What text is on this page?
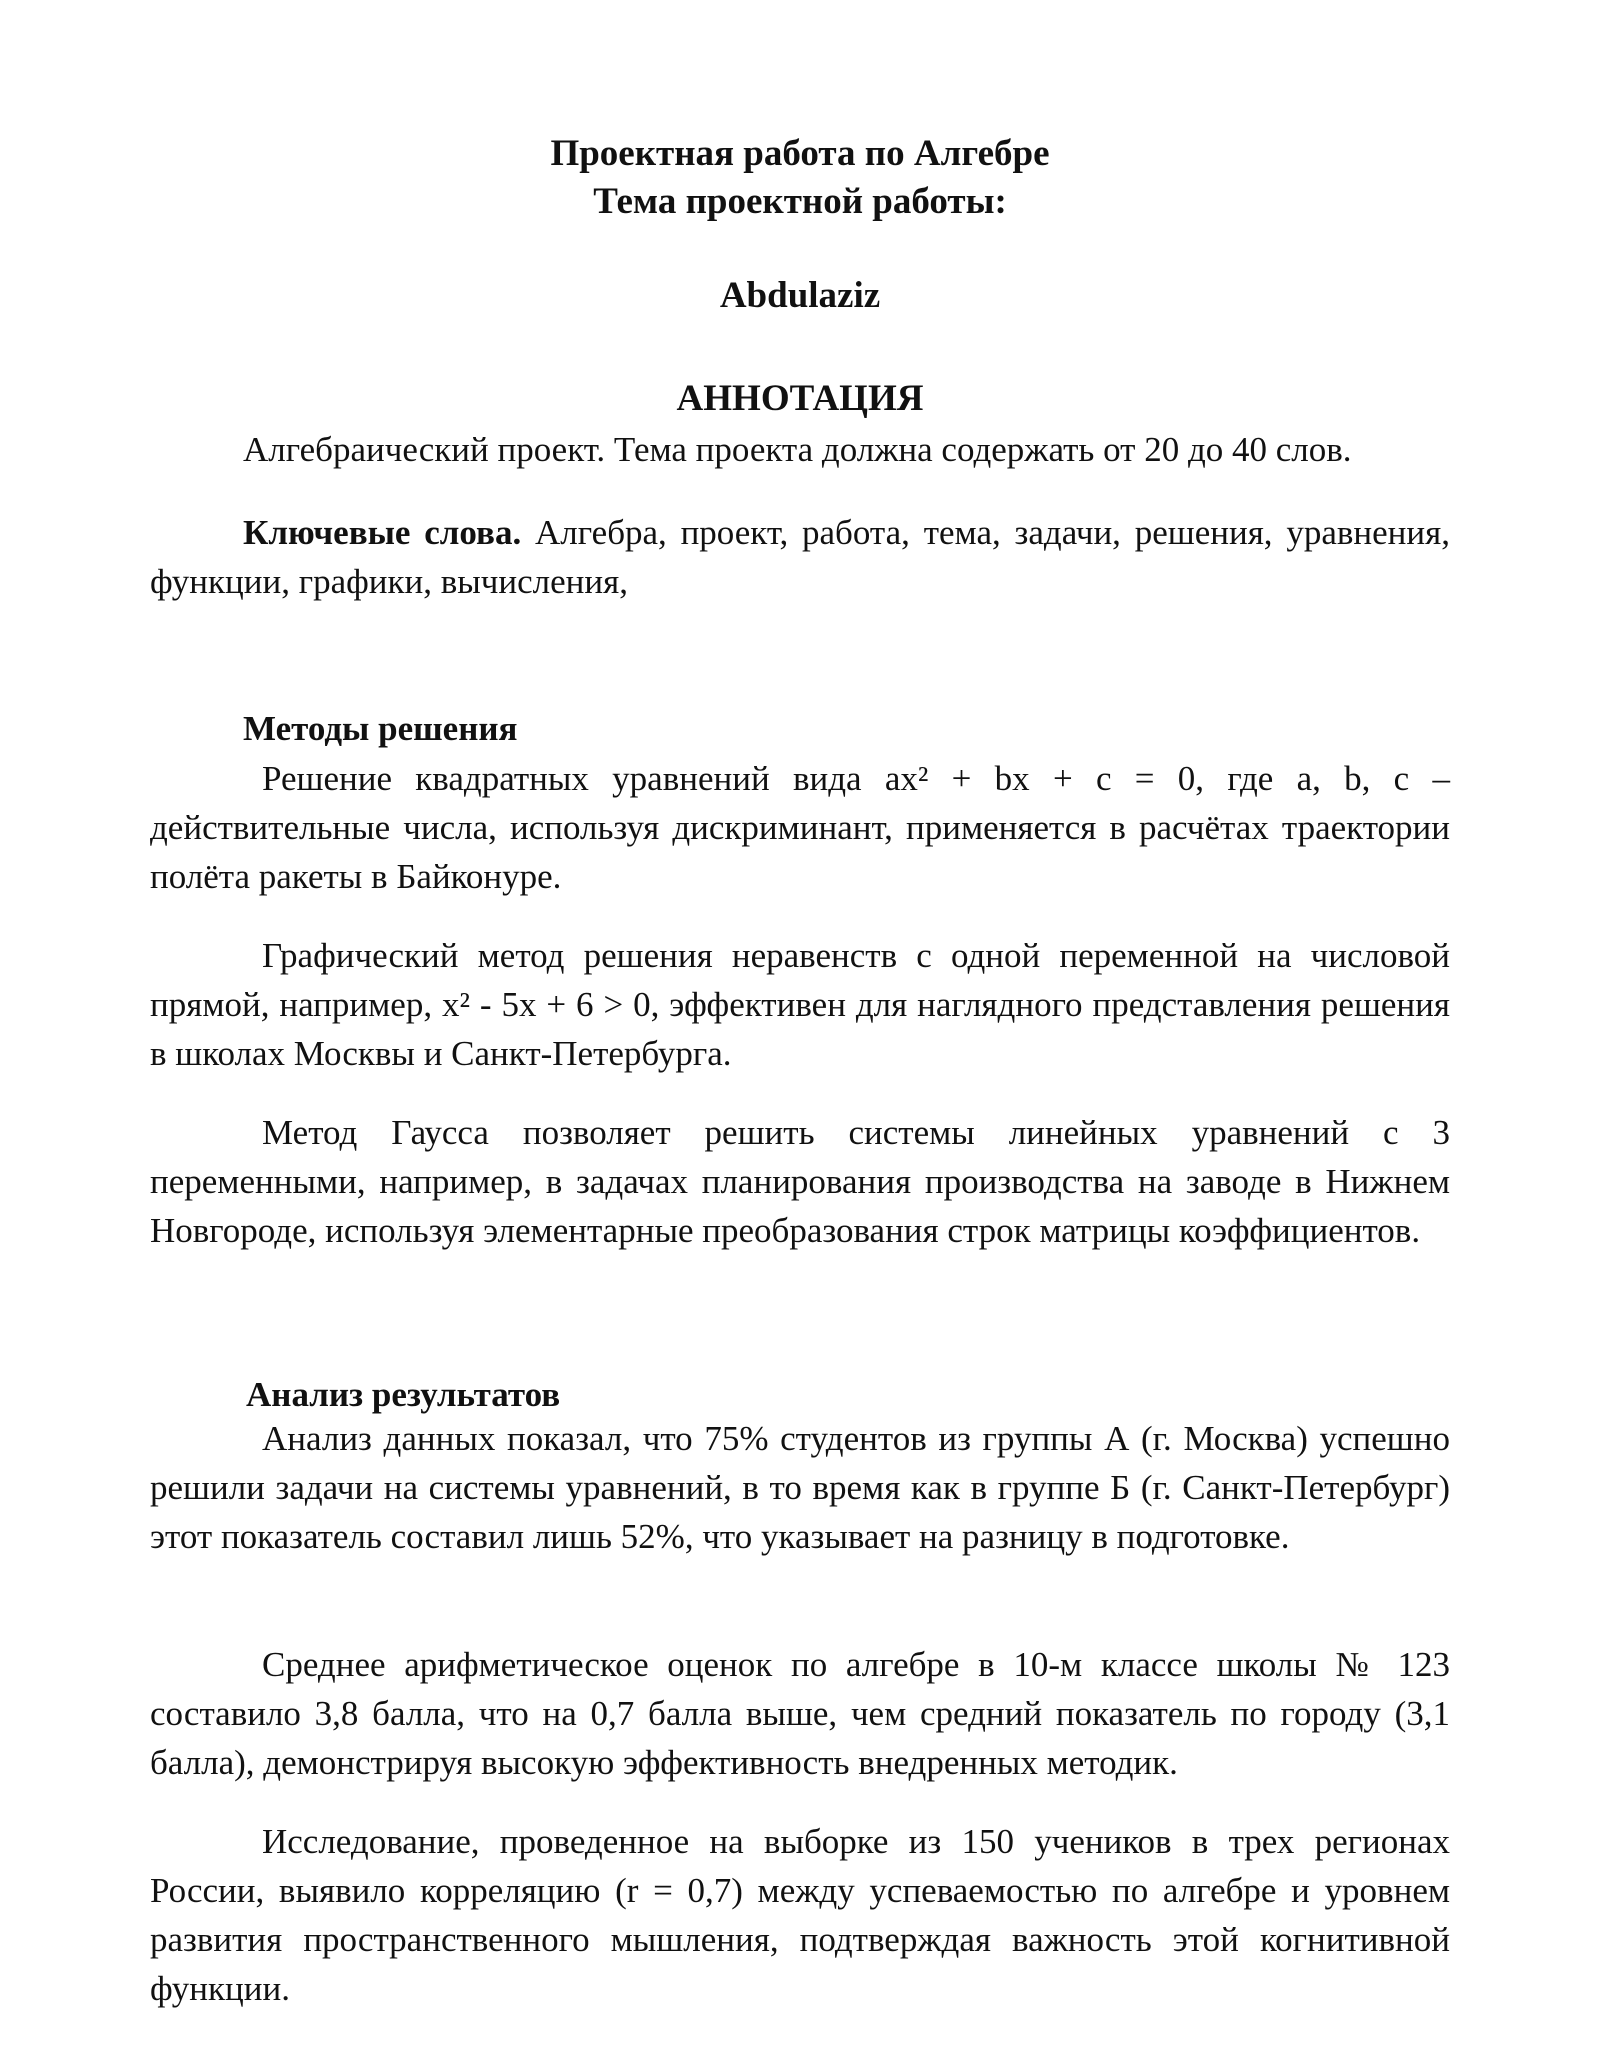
Проектная работа по Алгебре
Тема проектной работы:
Abdulaziz
АННОТАЦИЯ
Алгебраический проект. Тема проекта должна содержать от 20 до 40 слов.
Ключевые слова. Алгебра, проект, работа, тема, задачи, решения, уравнения, функции, графики, вычисления,
Методы решения
Решение квадратных уравнений вида ax² + bx + c = 0, где a, b, c – действительные числа, используя дискриминант, применяется в расчётах траектории полёта ракеты в Байконуре.
Графический метод решения неравенств с одной переменной на числовой прямой, например, x² - 5x + 6 > 0, эффективен для наглядного представления решения в школах Москвы и Санкт-Петербурга.
Метод Гаусса позволяет решить системы линейных уравнений с 3 переменными, например, в задачах планирования производства на заводе в Нижнем Новгороде, используя элементарные преобразования строк матрицы коэффициентов.
Анализ результатов
Анализ данных показал, что 75% студентов из группы А (г. Москва) успешно решили задачи на системы уравнений, в то время как в группе Б (г. Санкт-Петербург) этот показатель составил лишь 52%, что указывает на разницу в подготовке.
Среднее арифметическое оценок по алгебре в 10-м классе школы № 123 составило 3,8 балла, что на 0,7 балла выше, чем средний показатель по городу (3,1 балла), демонстрируя высокую эффективность внедренных методик.
Исследование, проведенное на выборке из 150 учеников в трех регионах России, выявило корреляцию (r = 0,7) между успеваемостью по алгебре и уровнем развития пространственного мышления, подтверждая важность этой когнитивной функции.
